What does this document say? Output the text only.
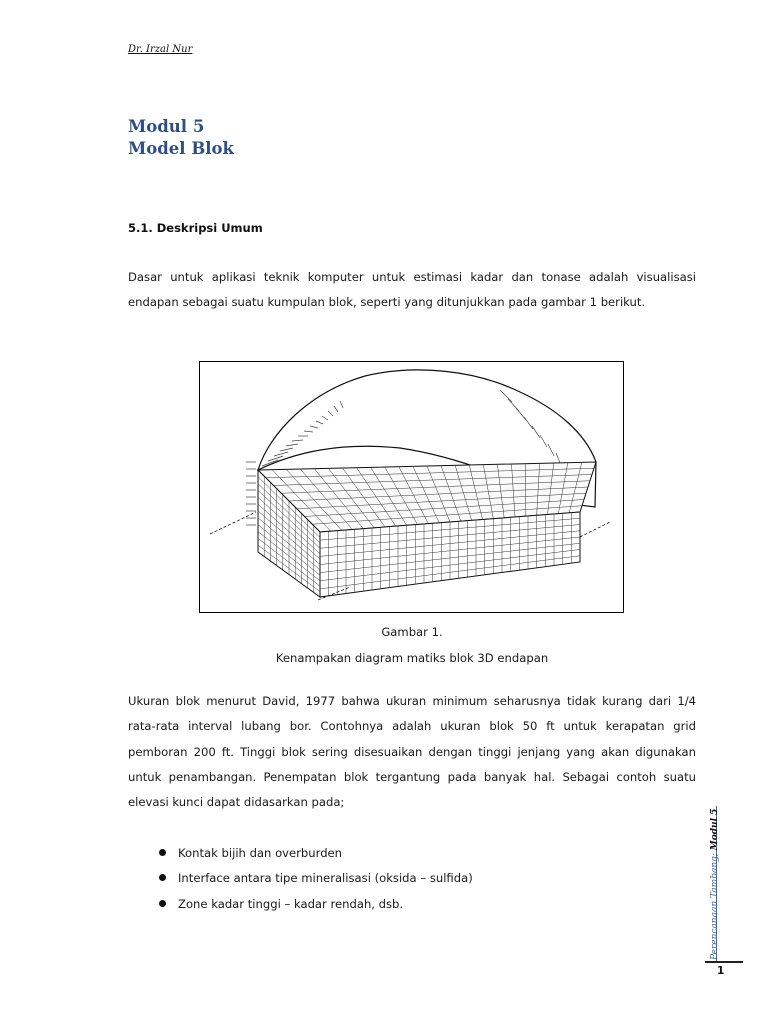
Dr. Irzal Nur
Modul 5
Model Blok
5.1. Deskripsi Umum

Dasar untuk aplikasi teknik komputer untuk estimasi kadar dan tonase adalah visualisasi endapan sebagai suatu kumpulan blok, seperti yang ditunjukkan pada gambar 1 berikut.

Gambar 1.
Kenampakan diagram matiks blok 3D endapan

Ukuran blok menurut David, 1977 bahwa ukuran minimum seharusnya tidak kurang dari 1/4 rata-rata interval lubang bor. Contohnya adalah ukuran blok 50 ft untuk kerapatan grid pemboran 200 ft. Tinggi blok sering disesuaikan dengan tinggi jenjang yang akan digunakan untuk penambangan. Penempatan blok tergantung pada banyak hal. Sebagai contoh suatu elevasi kunci dapat didasarkan pada;

Kontak bijih dan overburden
Interface antara tipe mineralisasi (oksida – sulfida)
Zone kadar tinggi – kadar rendah, dsb.	Perencanaan Tambang; Modul 5
1
